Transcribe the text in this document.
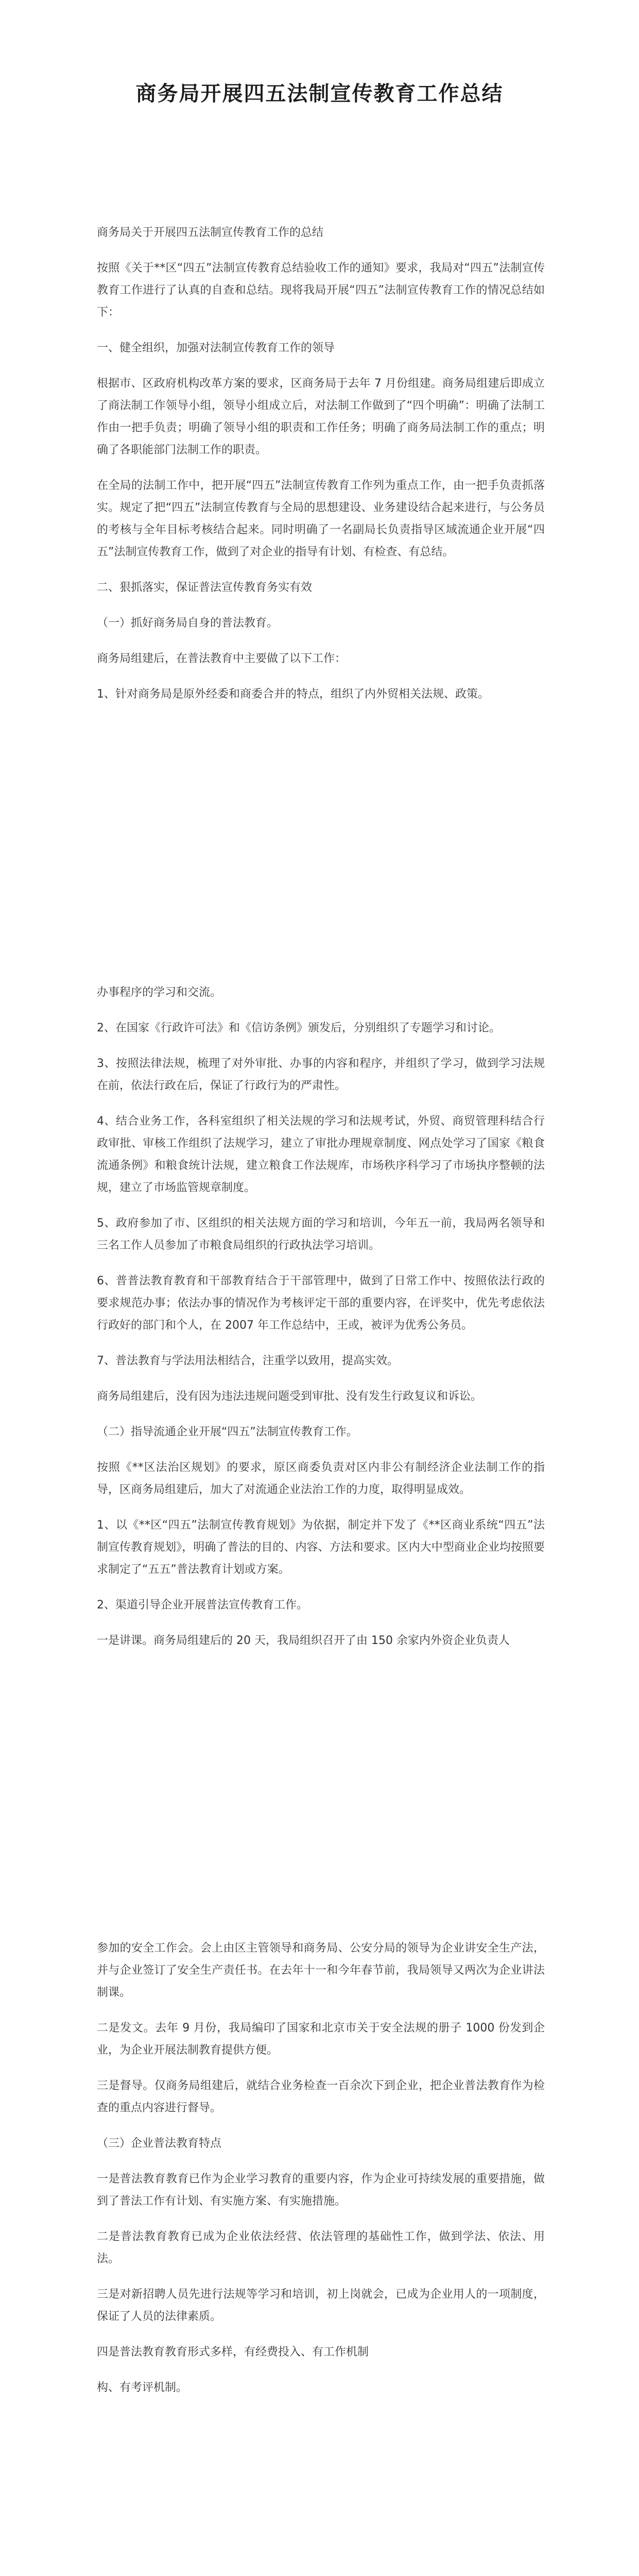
商务局开展四五法制宣传教育工作总结

商务局关于开展四五法制宣传教育工作的总结

按照《关于**区“四五”法制宣传教育总结验收工作的通知》要求，我局对“四五”法制宣传教育工作进行了认真的自查和总结。现将我局开展“四五”法制宣传教育工作的情况总结如下：

一、健全组织，加强对法制宣传教育工作的领导

根据市、区政府机构改革方案的要求，区商务局于去年 7 月份组建。商务局组建后即成立了商法制工作领导小组，领导小组成立后，对法制工作做到了“四个明确”：明确了法制工作由一把手负责；明确了领导小组的职责和工作任务；明确了商务局法制工作的重点；明确了各职能部门法制工作的职责。

在全局的法制工作中，把开展“四五”法制宣传教育工作列为重点工作，由一把手负责抓落实。规定了把“四五”法制宣传教育与全局的思想建设、业务建设结合起来进行，与公务员的考核与全年目标考核结合起来。同时明确了一名副局长负责指导区域流通企业开展“四五”法制宣传教育工作，做到了对企业的指导有计划、有检查、有总结。

二、狠抓落实，保证普法宣传教育务实有效

（一）抓好商务局自身的普法教育。

商务局组建后，在普法教育中主要做了以下工作：

1、针对商务局是原外经委和商委合并的特点，组织了内外贸相关法规、政策。

办事程序的学习和交流。

2、在国家《行政许可法》和《信访条例》颁发后，分别组织了专题学习和讨论。

3、按照法律法规，梳理了对外审批、办事的内容和程序，并组织了学习，做到学习法规在前，依法行政在后，保证了行政行为的严肃性。

4、结合业务工作，各科室组织了相关法规的学习和法规考试，外贸、商贸管理科结合行政审批、审核工作组织了法规学习，建立了审批办理规章制度、网点处学习了国家《粮食流通条例》和粮食统计法规，建立粮食工作法规库，市场秩序科学习了市场执序整顿的法规，建立了市场监管规章制度。

5、政府参加了市、区组织的相关法规方面的学习和培训，今年五一前，我局两名领导和三名工作人员参加了市粮食局组织的行政执法学习培训。

6、普普法教育教育和干部教育结合于干部管理中，做到了日常工作中、按照依法行政的要求规范办事；依法办事的情况作为考核评定干部的重要内容，在评奖中，优先考虑依法行政好的部门和个人，在 2007 年工作总结中，王或，被评为优秀公务员。

7、普法教育与学法用法相结合，注重学以致用，提高实效。

商务局组建后，没有因为违法违规问题受到审批、没有发生行政复议和诉讼。

（二）指导流通企业开展“四五”法制宣传教育工作。

按照《**区法治区规划》的要求，原区商委负责对区内非公有制经济企业法制工作的指导，区商务局组建后，加大了对流通企业法治工作的力度，取得明显成效。

1、以《**区“四五”法制宣传教育规划》为依据，制定并下发了《**区商业系统“四五”法制宣传教育规划》，明确了普法的目的、内容、方法和要求。区内大中型商业企业均按照要求制定了“五五”普法教育计划或方案。

2、渠道引导企业开展普法宣传教育工作。

一是讲课。商务局组建后的 20 天，我局组织召开了由 150 余家内外资企业负责人

参加的安全工作会。会上由区主管领导和商务局、公安分局的领导为企业讲安全生产法，并与企业签订了安全生产责任书。在去年十一和今年春节前，我局领导又两次为企业讲法制课。

二是发文。去年 9 月份，我局编印了国家和北京市关于安全法规的册子 1000 份发到企业，为企业开展法制教育提供方便。

三是督导。仅商务局组建后，就结合业务检查一百余次下到企业，把企业普法教育作为检查的重点内容进行督导。

（三）企业普法教育特点

一是普法教育教育已作为企业学习教育的重要内容，作为企业可持续发展的重要措施，做到了普法工作有计划、有实施方案、有实施措施。

二是普法教育教育已成为企业依法经营、依法管理的基础性工作，做到学法、依法、用法。

三是对新招聘人员先进行法规等学习和培训，初上岗就会，已成为企业用人的一项制度，保证了人员的法律素质。

四是普法教育教育形式多样，有经费投入、有工作机制

构、有考评机制。
